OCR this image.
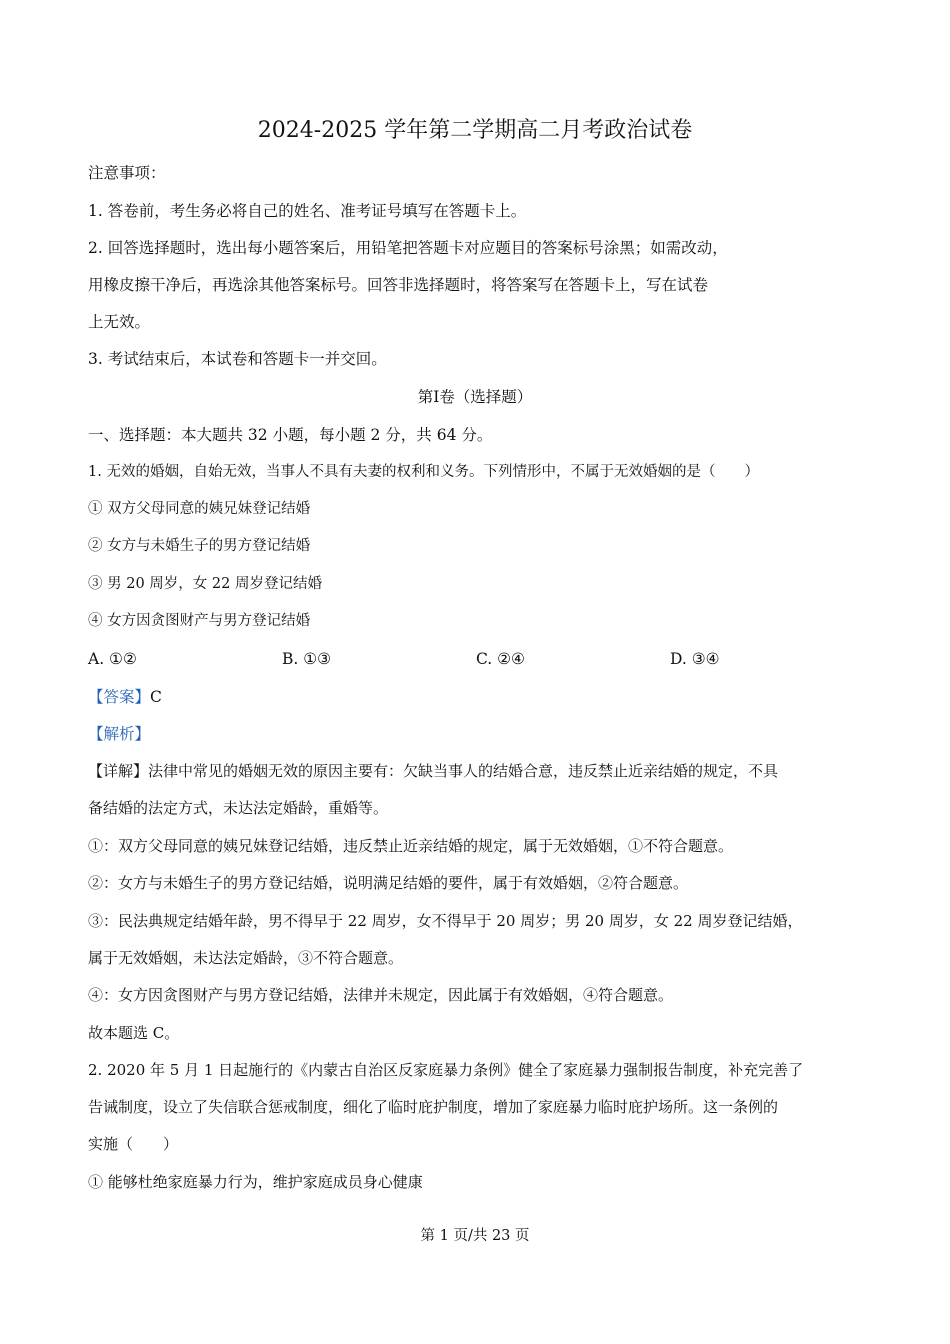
2024-2025 学年第二学期高二月考政治试卷
注意事项：
1. 答卷前，考生务必将自己的姓名、准考证号填写在答题卡上。
2. 回答选择题时，选出每小题答案后，用铅笔把答题卡对应题目的答案标号涂黑；如需改动，
用橡皮擦干净后，再选涂其他答案标号。回答非选择题时，将答案写在答题卡上，写在试卷
上无效。
3. 考试结束后，本试卷和答题卡一并交回。
第Ⅰ卷（选择题）
一、选择题：本大题共 32 小题，每小题 2 分，共 64 分。
1. 无效的婚姻，自始无效，当事人不具有夫妻的权利和义务。下列情形中，不属于无效婚姻的是（　　）
① 双方父母同意的姨兄妹登记结婚
② 女方与未婚生子的男方登记结婚
③ 男 20 周岁，女 22 周岁登记结婚
④ 女方因贪图财产与男方登记结婚
A. ①②	B. ①③	C. ②④	D. ③④
【答案】C
【解析】
【详解】法律中常见的婚姻无效的原因主要有：欠缺当事人的结婚合意，违反禁止近亲结婚的规定，不具
备结婚的法定方式，未达法定婚龄，重婚等。
①：双方父母同意的姨兄妹登记结婚，违反禁止近亲结婚的规定，属于无效婚姻，①不符合题意。
②：女方与未婚生子的男方登记结婚，说明满足结婚的要件，属于有效婚姻，②符合题意。
③：民法典规定结婚年龄，男不得早于 22 周岁，女不得早于 20 周岁；男 20 周岁，女 22 周岁登记结婚，
属于无效婚姻，未达法定婚龄，③不符合题意。
④：女方因贪图财产与男方登记结婚，法律并未规定，因此属于有效婚姻，④符合题意。
故本题选 C。
2. 2020 年 5 月 1 日起施行的《内蒙古自治区反家庭暴力条例》健全了家庭暴力强制报告制度，补充完善了
告诫制度，设立了失信联合惩戒制度，细化了临时庇护制度，增加了家庭暴力临时庇护场所。这一条例的
实施（　　）
① 能够杜绝家庭暴力行为，维护家庭成员身心健康
第 1 页/共 23 页
